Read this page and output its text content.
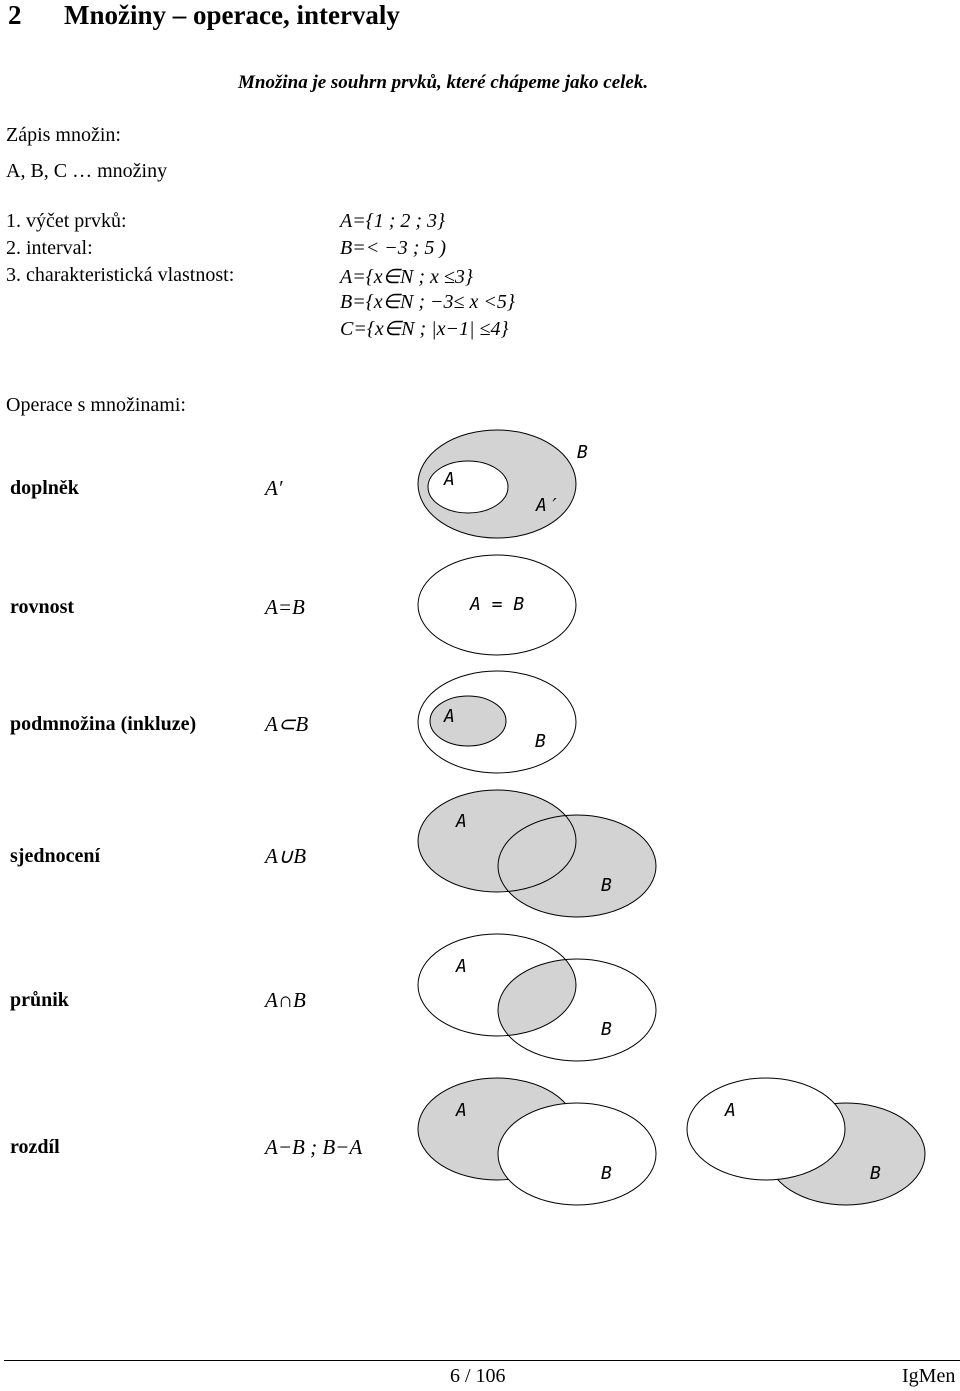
2 Množiny – operace, intervaly
Množina je souhrn prvků, které chápeme jako celek.
Zápis množin:
A, B, C … množiny
1. výčet prvků:	A={1 ; 2 ; 3}
2. interval:	B=< −3 ; 5 )
3. charakteristická vlastnost:	A={x∈N ; x ≤3}
B={x∈N ; −3≤ x <5}
C={x∈N ; |x−1| ≤4}
Operace s množinami:
doplněk	A′	A
A′
B
rovnost	A=B	A = B
podmnožina (inkluze)	A⊂B	A
B
sjednocení	A∪B
A
B
průnik	A∩B
A
B
rozdíl	A−B ; B−A
A
B
A
B
6 / 106	IgMen
